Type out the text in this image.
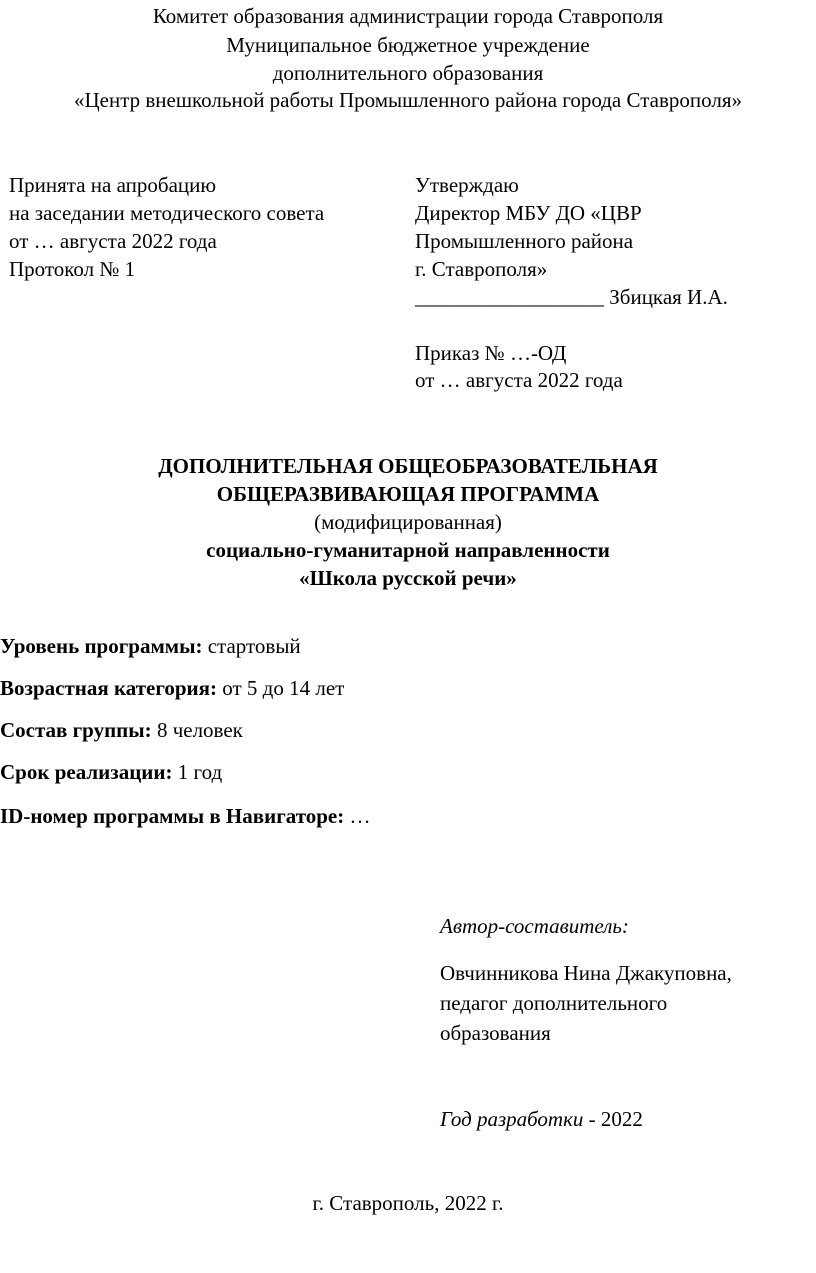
Комитет образования администрации города Ставрополя
Муниципальное бюджетное учреждение
дополнительного образования
«Центр внешкольной работы Промышленного района города Ставрополя»
Принята на апробацию
на заседании методического совета
от … августа 2022 года
Протокол № 1
Утверждаю
Директор МБУ ДО «ЦВР
Промышленного района
г. Ставрополя»
__________________ Збицкая И.А.
Приказ № …-ОД
от … августа 2022 года
ДОПОЛНИТЕЛЬНАЯ ОБЩЕОБРАЗОВАТЕЛЬНАЯ
ОБЩЕРАЗВИВАЮЩАЯ ПРОГРАММА
(модифицированная)
социально-гуманитарной направленности
«Школа русской речи»
Уровень программы: стартовый
Возрастная категория: от 5 до 14 лет
Состав группы: 8 человек
Срок реализации: 1 год
ID-номер программы в Навигаторе: …
Автор-составитель:
Овчинникова Нина Джакуповна,
педагог дополнительного
образования
Год разработки - 2022
г. Ставрополь, 2022 г.
